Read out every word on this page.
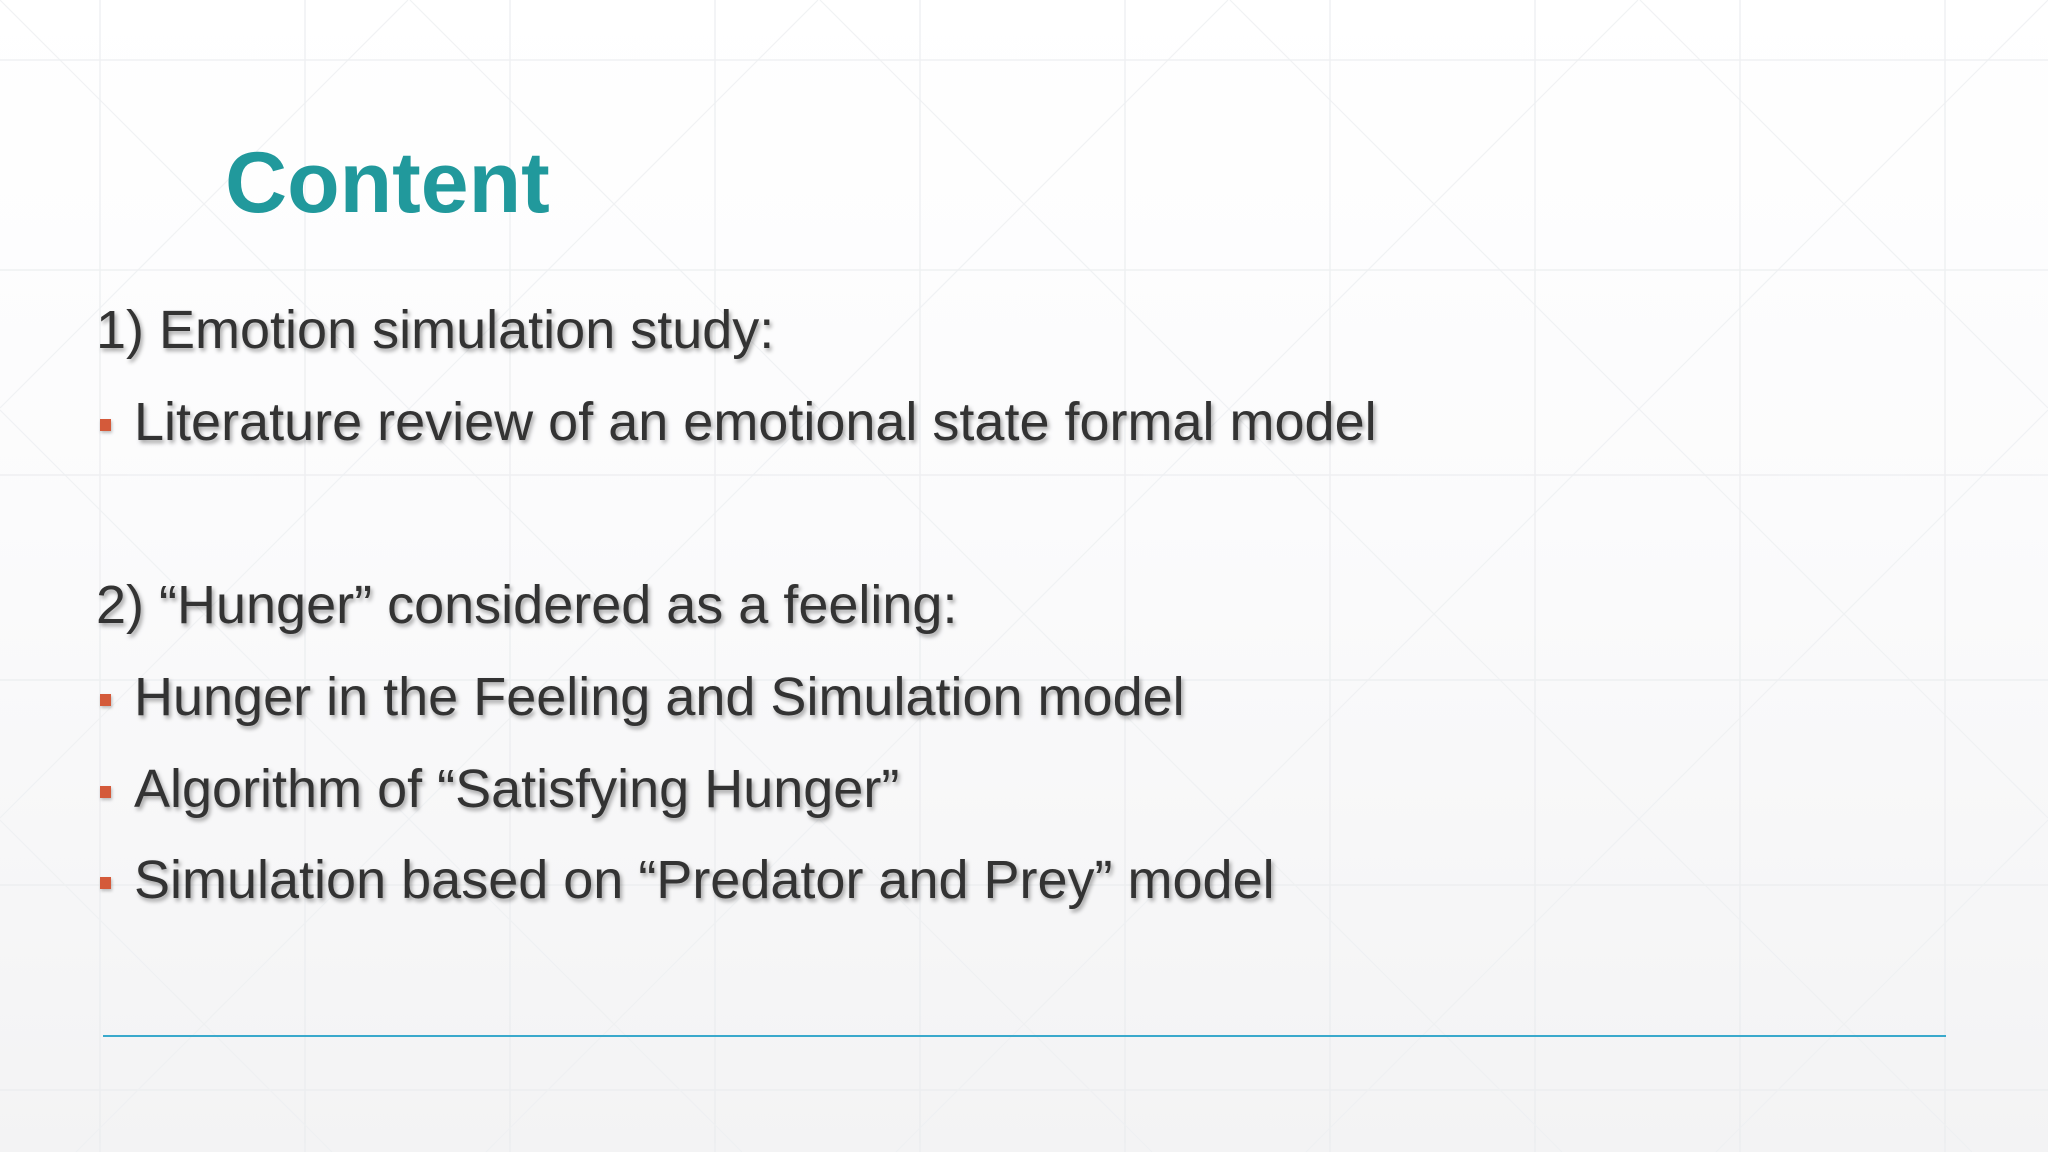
Content
1) Emotion simulation study:
Literature review of an emotional state formal model
2) “Hunger” considered as a feeling:
Hunger in the Feeling and Simulation model
Algorithm of “Satisfying Hunger”
Simulation based on “Predator and Prey” model
